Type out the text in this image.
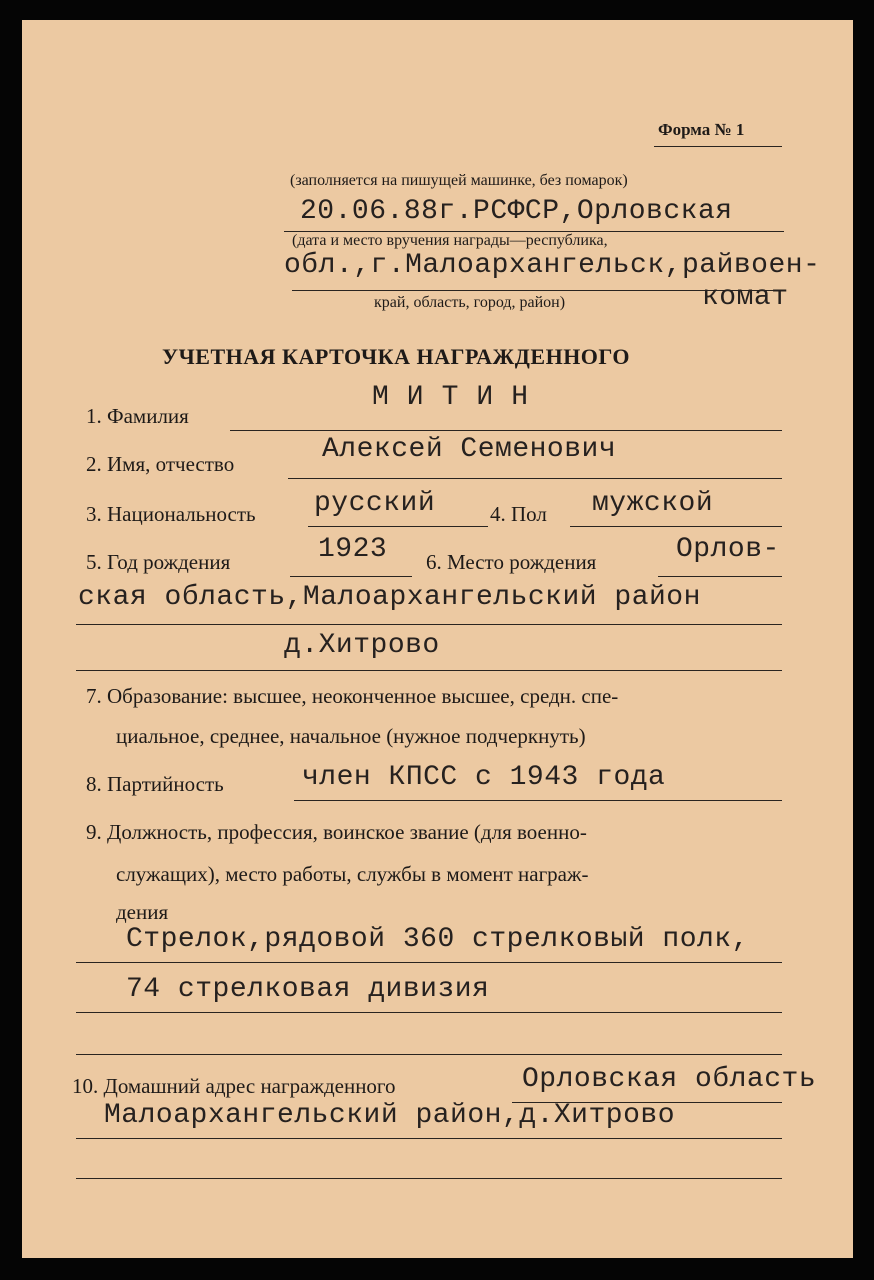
Форма № 1
(заполняется на пишущей машинке, без помарок)
20.06.88г.РСФСР,Орловская
(дата и место вручения награды—республика,
обл.,г.Малоархангельск,райвоен-
край, область, город, район)	комат
УЧЕТНАЯ КАРТОЧКА НАГРАЖДЕННОГО
1. Фамилия
МИТИН
2. Имя, отчество	Алексей Семенович
3. Национальность русский	4. Пол мужской
5. Год рождения	1923 6. Место рождения	Орлов-
ская область,Малоархангельский район
д.Хитрово
7. Образование: высшее, неоконченное высшее, средн. спе-
циальное, среднее, начальное (нужное подчеркнуть)
8. Партийность	член КПСС с 1943 года
9. Должность, профессия, воинское звание (для военно-
служащих), место работы, службы в момент награж-
дения
Стрелок,рядовой 360 стрелковый полк,
74 стрелковая дивизия
10. Домашний адрес награжденного	Орловская область
Малоархангельский район,д.Хитрово
